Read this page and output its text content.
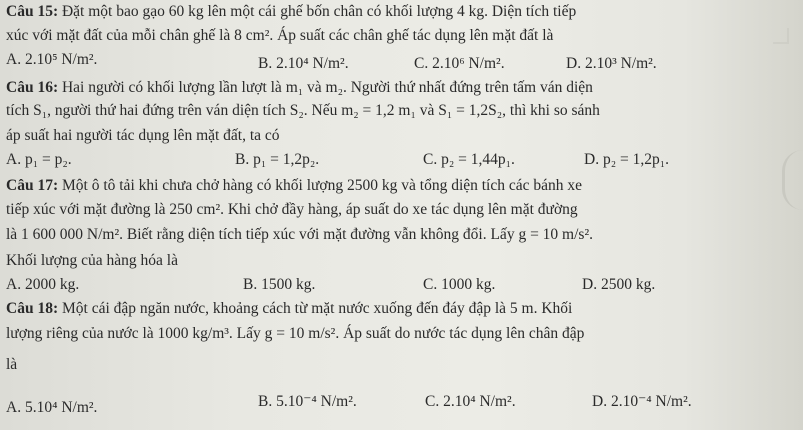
Câu 15: Đặt một bao gạo 60 kg lên một cái ghế bốn chân có khối lượng 4 kg. Diện tích tiếp
xúc với mặt đất của mỗi chân ghế là 8 cm². Áp suất các chân ghế tác dụng lên mặt đất là
A. 2.10⁵ N/m².	B. 2.10⁴ N/m².	C. 2.10⁶ N/m².	D. 2.10³ N/m².
Câu 16: Hai người có khối lượng lần lượt là m₁ và m₂. Người thứ nhất đứng trên tấm ván diện
tích S₁, người thứ hai đứng trên ván diện tích S₂. Nếu m₂ = 1,2 m₁ và S₁ = 1,2S₂, thì khi so sánh
áp suất hai người tác dụng lên mặt đất, ta có
A. p₁ = p₂.	B. p₁ = 1,2p₂.	C. p₂ = 1,44p₁.	D. p₂ = 1,2p₁.
Câu 17: Một ô tô tải khi chưa chở hàng có khối lượng 2500 kg và tổng diện tích các bánh xe
tiếp xúc với mặt đường là 250 cm². Khi chở đầy hàng, áp suất do xe tác dụng lên mặt đường
là 1 600 000 N/m². Biết rằng diện tích tiếp xúc với mặt đường vẫn không đổi. Lấy g = 10 m/s².
Khối lượng của hàng hóa là
A. 2000 kg.	B. 1500 kg.	C. 1000 kg.	D. 2500 kg.
Câu 18: Một cái đập ngăn nước, khoảng cách từ mặt nước xuống đến đáy đập là 5 m. Khối
lượng riêng của nước là 1000 kg/m³. Lấy g = 10 m/s². Áp suất do nước tác dụng lên chân đập
là
A. 5.10⁴ N/m².	B. 5.10⁻⁴ N/m².	C. 2.10⁴ N/m².	D. 2.10⁻⁴ N/m².
